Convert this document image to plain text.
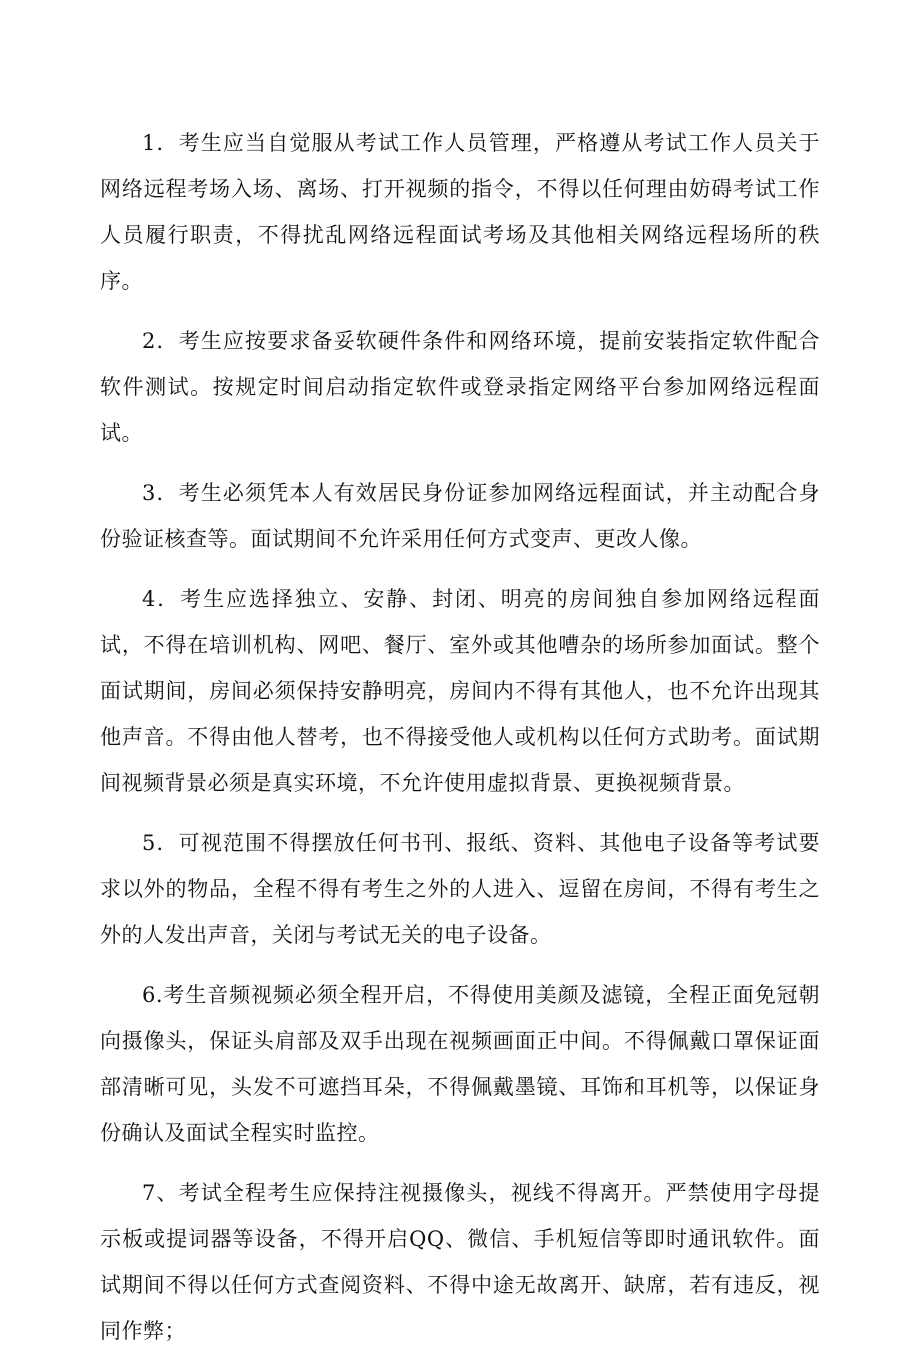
1．考生应当自觉服从考试工作人员管理，严格遵从考试工作人员关于网络远程考场入场、离场、打开视频的指令，不得以任何理由妨碍考试工作人员履行职责，不得扰乱网络远程面试考场及其他相关网络远程场所的秩序。

2．考生应按要求备妥软硬件条件和网络环境，提前安装指定软件配合软件测试。按规定时间启动指定软件或登录指定网络平台参加网络远程面试。

3．考生必须凭本人有效居民身份证参加网络远程面试，并主动配合身份验证核查等。面试期间不允许采用任何方式变声、更改人像。

4．考生应选择独立、安静、封闭、明亮的房间独自参加网络远程面试，不得在培训机构、网吧、餐厅、室外或其他嘈杂的场所参加面试。整个面试期间，房间必须保持安静明亮，房间内不得有其他人，也不允许出现其他声音。不得由他人替考，也不得接受他人或机构以任何方式助考。面试期间视频背景必须是真实环境，不允许使用虚拟背景、更换视频背景。

5．可视范围不得摆放任何书刊、报纸、资料、其他电子设备等考试要求以外的物品，全程不得有考生之外的人进入、逗留在房间，不得有考生之外的人发出声音，关闭与考试无关的电子设备。

6.考生音频视频必须全程开启，不得使用美颜及滤镜，全程正面免冠朝向摄像头，保证头肩部及双手出现在视频画面正中间。不得佩戴口罩保证面部清晰可见，头发不可遮挡耳朵，不得佩戴墨镜、耳饰和耳机等，以保证身份确认及面试全程实时监控。

7、考试全程考生应保持注视摄像头，视线不得离开。严禁使用字母提示板或提词器等设备，不得开启QQ、微信、手机短信等即时通讯软件。面试期间不得以任何方式查阅资料、不得中途无故离开、缺席，若有违反，视同作弊；
